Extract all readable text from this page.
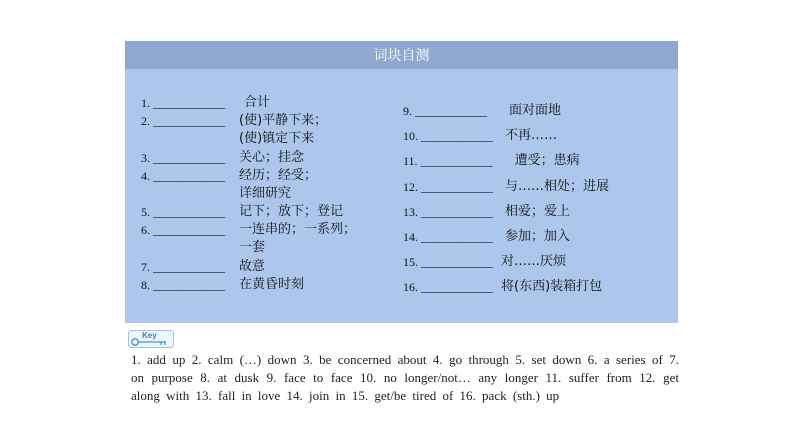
词块自测
1. ____________ 合计
2. ____________ (使)平静下来；
(使)镇定下来
3. ____________ 关心；挂念
4. ____________ 经历；经受；
详细研究
5. ____________ 记下；放下；登记
6. ____________ 一连串的；一系列；
一套
7. ____________ 故意
8. ____________ 在黄昏时刻
9. ____________ 面对面地
10. ____________ 不再……
11. ____________ 遭受；患病
12. ____________ 与……相处；进展
13. ____________ 相爱；爱上
14. ____________ 参加；加入
15. ____________ 对……厌烦
16. ____________ 将(东西)装箱打包
Key
1. add up 2. calm (…) down 3. be concerned about 4. go through 5. set down 6. a series of 7. on purpose 8. at dusk 9. face to face 10. no longer/not… any longer 11. suffer from 12. get along with 13. fall in love 14. join in 15. get/be tired of 16. pack (sth.) up
